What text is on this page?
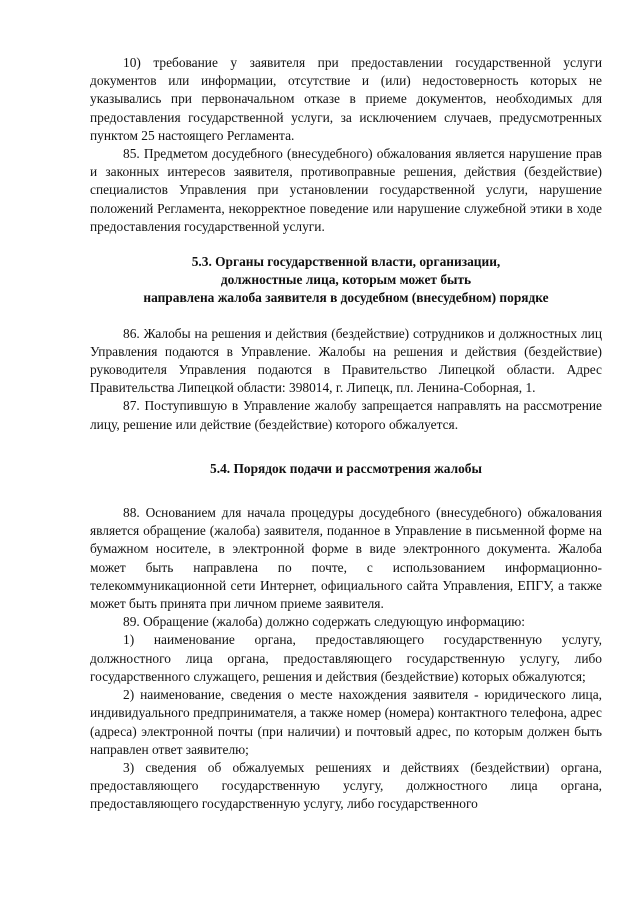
10) требование у заявителя при предоставлении государственной услуги документов или информации, отсутствие и (или) недостоверность которых не указывались при первоначальном отказе в приеме документов, необходимых для предоставления государственной услуги, за исключением случаев, предусмотренных пунктом 25 настоящего Регламента.

85. Предметом досудебного (внесудебного) обжалования является нарушение прав и законных интересов заявителя, противоправные решения, действия (бездействие) специалистов Управления при установлении государственной услуги, нарушение положений Регламента, некорректное поведение или нарушение служебной этики в ходе предоставления государственной услуги.

5.3. Органы государственной власти, организации,
должностные лица, которым может быть
направлена жалоба заявителя в досудебном (внесудебном) порядке

86. Жалобы на решения и действия (бездействие) сотрудников и должностных лиц Управления подаются в Управление. Жалобы на решения и действия (бездействие) руководителя Управления подаются в Правительство Липецкой области. Адрес Правительства Липецкой области: 398014, г. Липецк, пл. Ленина-Соборная, 1.

87. Поступившую в Управление жалобу запрещается направлять на рассмотрение лицу, решение или действие (бездействие) которого обжалуется.

5.4. Порядок подачи и рассмотрения жалобы

88. Основанием для начала процедуры досудебного (внесудебного) обжалования является обращение (жалоба) заявителя, поданное в Управление в письменной форме на бумажном носителе, в электронной форме в виде электронного документа. Жалоба может быть направлена по почте, с использованием информационно-телекоммуникационной сети Интернет, официального сайта Управления, ЕПГУ, а также может быть принята при личном приеме заявителя.

89. Обращение (жалоба) должно содержать следующую информацию:

1) наименование органа, предоставляющего государственную услугу, должностного лица органа, предоставляющего государственную услугу, либо государственного служащего, решения и действия (бездействие) которых обжалуются;

2) наименование, сведения о месте нахождения заявителя - юридического лица, индивидуального предпринимателя, а также номер (номера) контактного телефона, адрес (адреса) электронной почты (при наличии) и почтовый адрес, по которым должен быть направлен ответ заявителю;

3) сведения об обжалуемых решениях и действиях (бездействии) органа, предоставляющего государственную услугу, должностного лица органа, предоставляющего государственную услугу, либо государственного
